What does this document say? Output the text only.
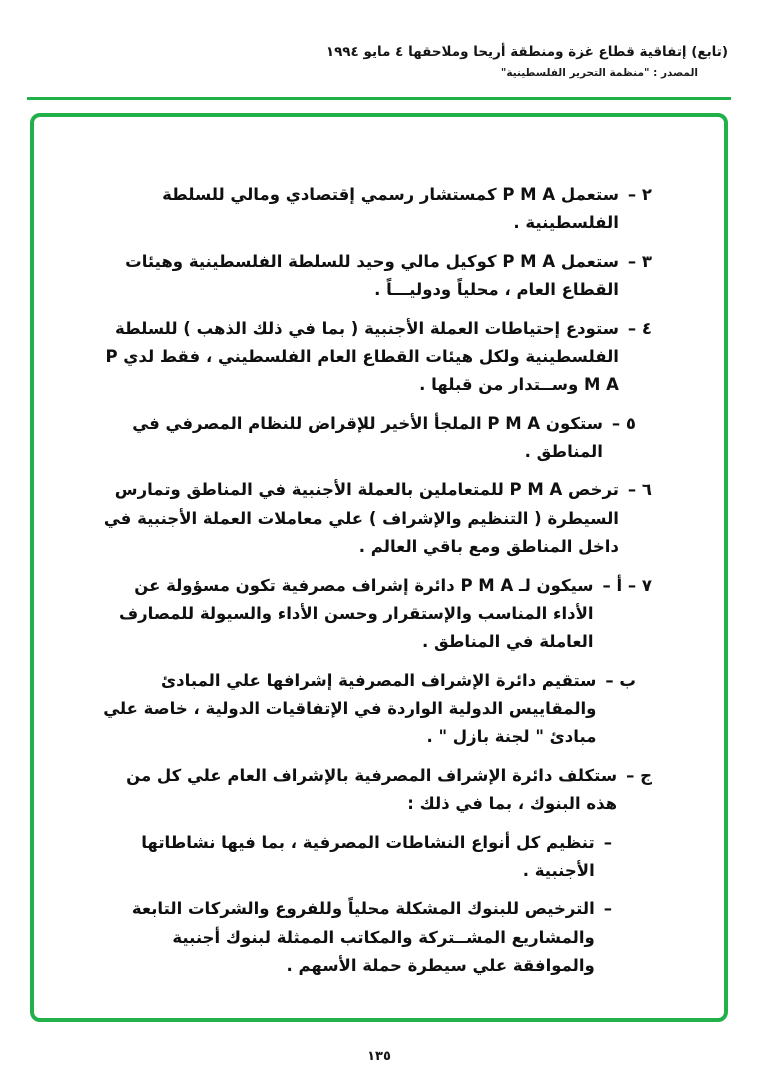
(تابع) إتفاقية قطاع غزة ومنطقة أريحا وملاحقها ٤ مايو ١٩٩٤
المصدر : "منظمة التحرير الفلسطينية"
٢ –
ستعمل P M A كمستشار رسمي إقتصادي ومالي للسلطة الفلسطينية .
٣ –
ستعمل P M A كوكيل مالي وحيد للسلطة الفلسطينية وهيئات القطاع العام ، محلياً ودوليـــاً .
٤ –
ستودع إحتياطات العملة الأجنبية ( بما في ذلك الذهب ) للسلطة الفلسطينية ولكل هيئات القطاع العام الفلسطيني ، فقط لدي P M A وســتدار من قبلها .
٥ –
ستكون P M A الملجأ الأخير للإقراض للنظام المصرفي في المناطق .
٦ –
ترخص P M A للمتعاملين بالعملة الأجنبية في المناطق وتمارس السيطرة ( التنظيم والإشراف ) علي معاملات العملة الأجنبية في داخل المناطق ومع باقي العالم .
٧ – أ –
سيكون لـ P M A دائرة إشراف مصرفية تكون مسؤولة عن الأداء المناسب والإستقرار وحسن الأداء والسيولة للمصارف العاملة في المناطق .
ب –
ستقيم دائرة الإشراف المصرفية إشرافها علي المبادئ والمقاييس الدولية الواردة في الإتفاقيات الدولية ، خاصة علي مبادئ " لجنة بازل " .
ج –
ستكلف دائرة الإشراف المصرفية بالإشراف العام علي كل من هذه البنوك ، بما في ذلك :
–
تنظيم كل أنواع النشاطات المصرفية ، بما فيها نشاطاتها الأجنبية .
–
الترخيص للبنوك المشكلة محلياً وللفروع والشركات التابعة والمشاريع المشــتركة والمكاتب الممثلة لبنوك أجنبية والموافقة علي سيطرة حملة الأسهم .
١٣٥
